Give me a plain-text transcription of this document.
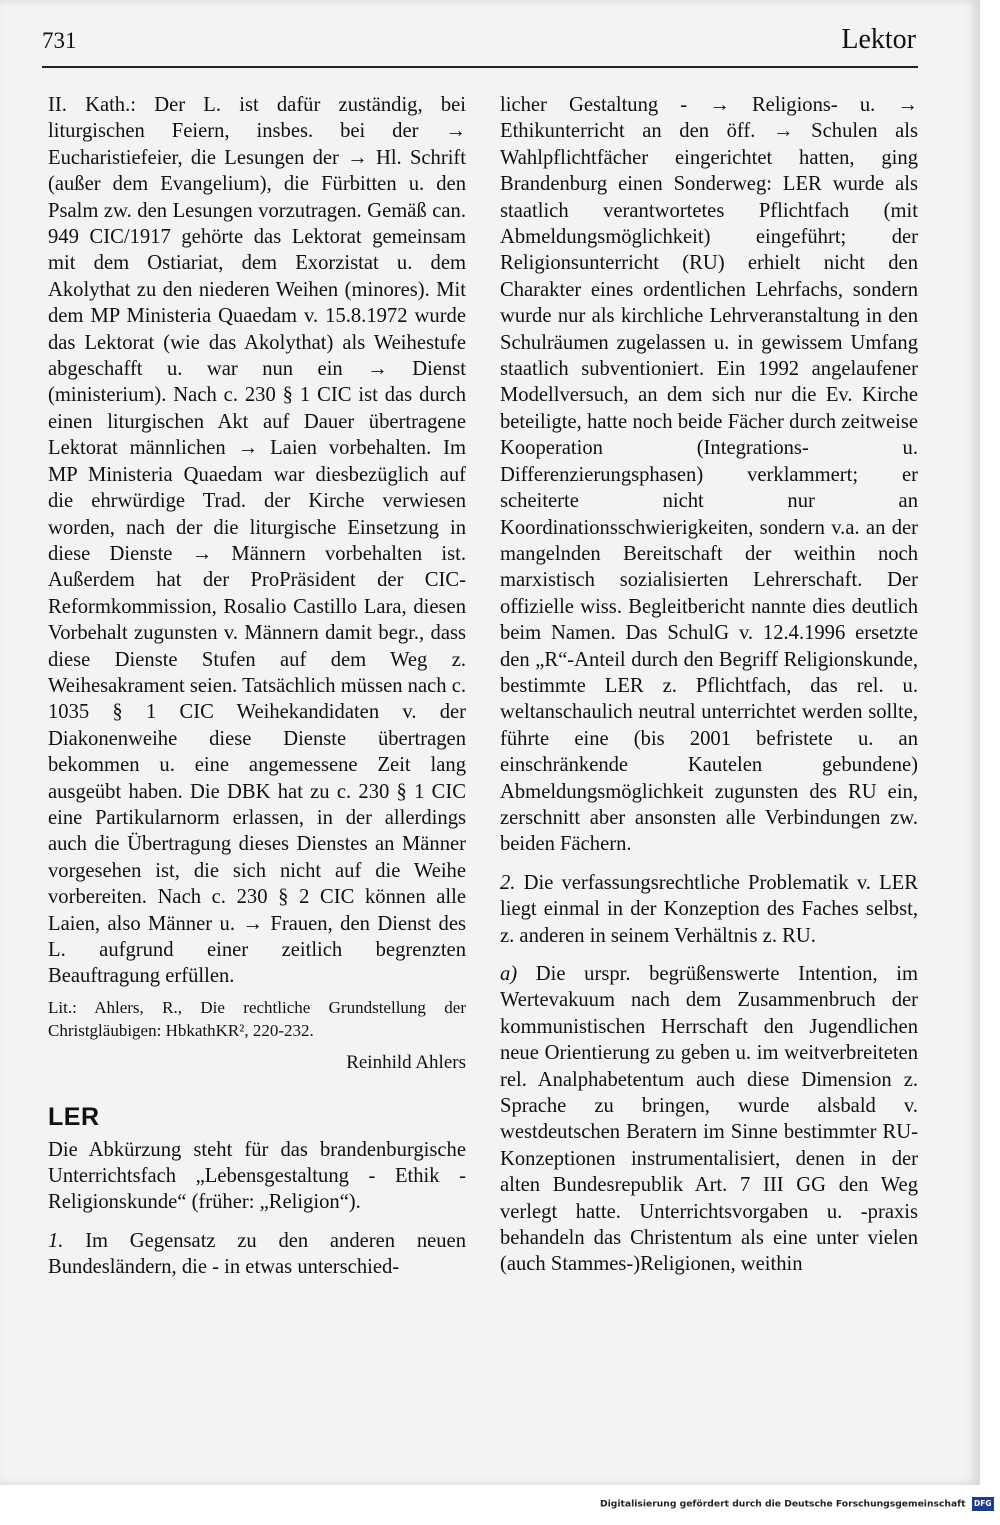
731	Lektor

II. Kath.: Der L. ist dafür zuständig, bei liturgischen Feiern, insbes. bei der → Eucharistiefeier, die Lesungen der → Hl. Schrift (außer dem Evangelium), die Fürbitten u. den Psalm zw. den Lesungen vorzutragen. Gemäß can. 949 CIC/1917 gehörte das Lektorat gemeinsam mit dem Ostiariat, dem Exorzistat u. dem Akolythat zu den niederen Weihen (minores). Mit dem MP Ministeria Quaedam v. 15.8.1972 wurde das Lektorat (wie das Akolythat) als Weihestufe abgeschafft u. war nun ein → Dienst (ministerium). Nach c. 230 § 1 CIC ist das durch einen liturgischen Akt auf Dauer übertragene Lektorat männlichen → Laien vorbehalten. Im MP Ministeria Quaedam war diesbezüglich auf die ehrwürdige Trad. der Kirche verwiesen worden, nach der die liturgische Einsetzung in diese Dienste → Männern vorbehalten ist. Außerdem hat der ProPräsident der CIC-Reformkommission, Rosalio Castillo Lara, diesen Vorbehalt zugunsten v. Männern damit begr., dass diese Dienste Stufen auf dem Weg z. Weihesakrament seien. Tatsächlich müssen nach c. 1035 § 1 CIC Weihekandidaten v. der Diakonenweihe diese Dienste übertragen bekommen u. eine angemessene Zeit lang ausgeübt haben. Die DBK hat zu c. 230 § 1 CIC eine Partikularnorm erlassen, in der allerdings auch die Übertragung dieses Dienstes an Männer vorgesehen ist, die sich nicht auf die Weihe vorbereiten. Nach c. 230 § 2 CIC können alle Laien, also Männer u. → Frauen, den Dienst des L. aufgrund einer zeitlich begrenzten Beauftragung erfüllen.

Lit.: Ahlers, R., Die rechtliche Grundstellung der Christgläubigen: HbkathKR², 220-232.

Reinhild Ahlers

LER

Die Abkürzung steht für das brandenburgische Unterrichtsfach „Lebensgestaltung - Ethik - Religionskunde“ (früher: „Religion“).

1. Im Gegensatz zu den anderen neuen Bundesländern, die - in etwas unterschied-

licher Gestaltung - → Religions- u. → Ethikunterricht an den öff. → Schulen als Wahlpflichtfächer eingerichtet hatten, ging Brandenburg einen Sonderweg: LER wurde als staatlich verantwortetes Pflichtfach (mit Abmeldungsmöglichkeit) eingeführt; der Religionsunterricht (RU) erhielt nicht den Charakter eines ordentlichen Lehrfachs, sondern wurde nur als kirchliche Lehrveranstaltung in den Schulräumen zugelassen u. in gewissem Umfang staatlich subventioniert. Ein 1992 angelaufener Modellversuch, an dem sich nur die Ev. Kirche beteiligte, hatte noch beide Fächer durch zeitweise Kooperation (Integrations- u. Differenzierungsphasen) verklammert; er scheiterte nicht nur an Koordinationsschwierigkeiten, sondern v.a. an der mangelnden Bereitschaft der weithin noch marxistisch sozialisierten Lehrerschaft. Der offizielle wiss. Begleitbericht nannte dies deutlich beim Namen. Das SchulG v. 12.4.1996 ersetzte den „R“-Anteil durch den Begriff Religionskunde, bestimmte LER z. Pflichtfach, das rel. u. weltanschaulich neutral unterrichtet werden sollte, führte eine (bis 2001 befristete u. an einschränkende Kautelen gebundene) Abmeldungsmöglichkeit zugunsten des RU ein, zerschnitt aber ansonsten alle Verbindungen zw. beiden Fächern.

2. Die verfassungsrechtliche Problematik v. LER liegt einmal in der Konzeption des Faches selbst, z. anderen in seinem Verhältnis z. RU.

a) Die urspr. begrüßenswerte Intention, im Wertevakuum nach dem Zusammenbruch der kommunistischen Herrschaft den Jugendlichen neue Orientierung zu geben u. im weitverbreiteten rel. Analphabetentum auch diese Dimension z. Sprache zu bringen, wurde alsbald v. westdeutschen Beratern im Sinne bestimmter RU-Konzeptionen instrumentalisiert, denen in der alten Bundesrepublik Art. 7 III GG den Weg verlegt hatte. Unterrichtsvorgaben u. -praxis behandeln das Christentum als eine unter vielen (auch Stammes-)Religionen, weithin

Digitalisierung gefördert durch die Deutsche Forschungsgemeinschaft DFG
